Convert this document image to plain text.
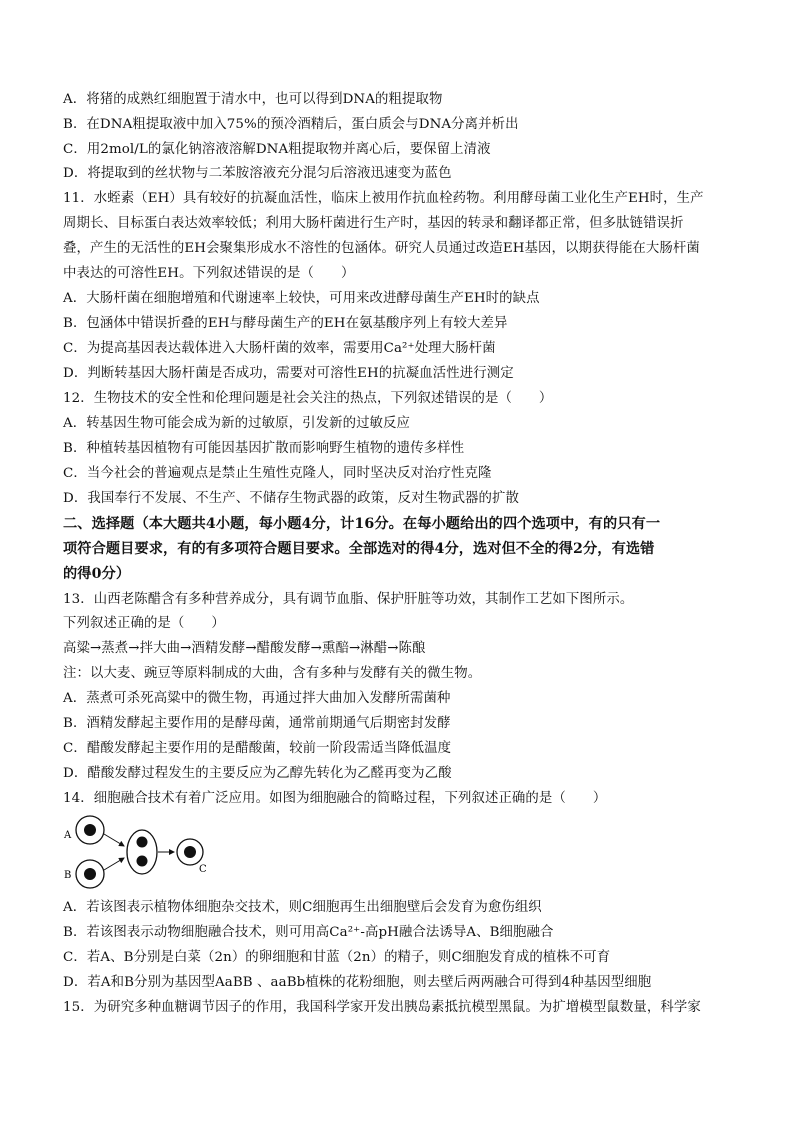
A．将猪的成熟红细胞置于清水中，也可以得到DNA的粗提取物
B．在DNA粗提取液中加入75%的预冷酒精后，蛋白质会与DNA分离并析出
C．用2mol/L的氯化钠溶液溶解DNA粗提取物并离心后，要保留上清液
D．将提取到的丝状物与二苯胺溶液充分混匀后溶液迅速变为蓝色
11．水蛭素（EH）具有较好的抗凝血活性，临床上被用作抗血栓药物。利用酵母菌工业化生产EH时，生产
周期长、目标蛋白表达效率较低；利用大肠杆菌进行生产时，基因的转录和翻译都正常，但多肽链错误折
叠，产生的无活性的EH会聚集形成水不溶性的包涵体。研究人员通过改造EH基因，以期获得能在大肠杆菌
中表达的可溶性EH。下列叙述错误的是（　　）
A．大肠杆菌在细胞增殖和代谢速率上较快，可用来改进酵母菌生产EH时的缺点
B．包涵体中错误折叠的EH与酵母菌生产的EH在氨基酸序列上有较大差异
C．为提高基因表达载体进入大肠杆菌的效率，需要用Ca²⁺处理大肠杆菌
D．判断转基因大肠杆菌是否成功，需要对可溶性EH的抗凝血活性进行测定
12．生物技术的安全性和伦理问题是社会关注的热点，下列叙述错误的是（　　）
A．转基因生物可能会成为新的过敏原，引发新的过敏反应
B．种植转基因植物有可能因基因扩散而影响野生植物的遗传多样性
C．当今社会的普遍观点是禁止生殖性克隆人，同时坚决反对治疗性克隆
D．我国奉行不发展、不生产、不储存生物武器的政策，反对生物武器的扩散
二、选择题（本大题共4小题，每小题4分，计16分。在每小题给出的四个选项中，有的只有一
项符合题目要求，有的有多项符合题目要求。全部选对的得4分，选对但不全的得2分，有选错
的得0分）
13．山西老陈醋含有多种营养成分，具有调节血脂、保护肝脏等功效，其制作工艺如下图所示。
下列叙述正确的是（　　）
高粱→蒸煮→拌大曲→酒精发酵→醋酸发酵→熏醅→淋醋→陈酿
注：以大麦、豌豆等原料制成的大曲，含有多种与发酵有关的微生物。
A．蒸煮可杀死高粱中的微生物，再通过拌大曲加入发酵所需菌种
B．酒精发酵起主要作用的是酵母菌，通常前期通气后期密封发酵
C．醋酸发酵起主要作用的是醋酸菌，较前一阶段需适当降低温度
D．醋酸发酵过程发生的主要反应为乙醇先转化为乙醛再变为乙酸
14．细胞融合技术有着广泛应用。如图为细胞融合的简略过程，下列叙述正确的是（　　）
A
B
C
A．若该图表示植物体细胞杂交技术，则C细胞再生出细胞壁后会发育为愈伤组织
B．若该图表示动物细胞融合技术，则可用高Ca²⁺-高pH融合法诱导A、B细胞融合
C．若A、B分别是白菜（2n）的卵细胞和甘蓝（2n）的精子，则C细胞发育成的植株不可育
D．若A和B分别为基因型AaBB 、aaBb植株的花粉细胞，则去壁后两两融合可得到4种基因型细胞
15．为研究多种血糖调节因子的作用，我国科学家开发出胰岛素抵抗模型黑鼠。为扩增模型鼠数量，科学家
